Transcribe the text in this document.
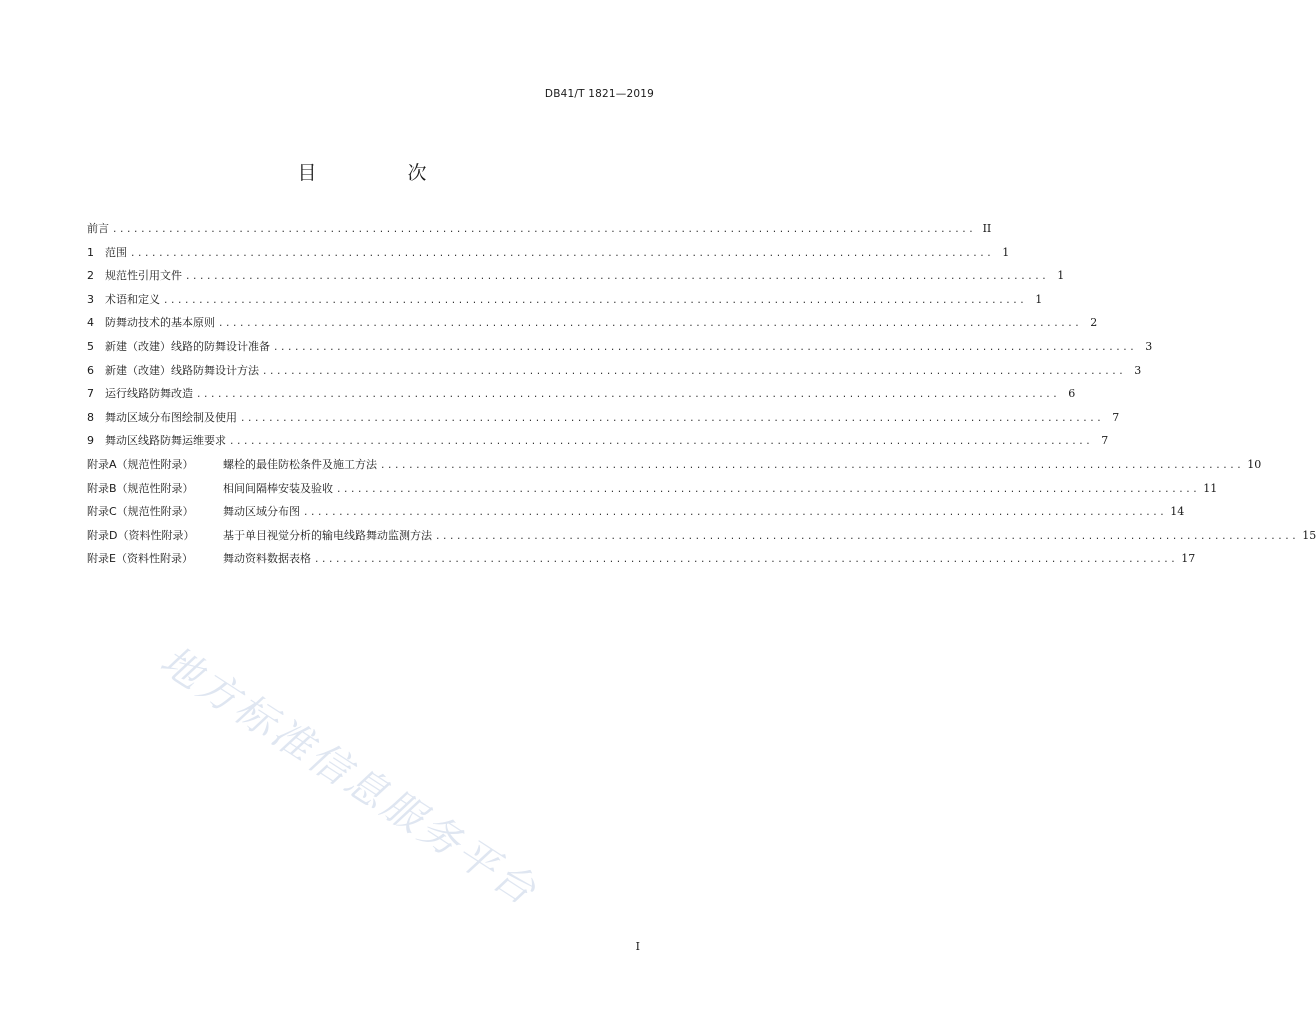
DB41/T 1821—2019
目　次
前言 ........................................................................................................................... II
1	范围 ........................................................................................................................... 1
2	规范性引用文件 ........................................................................................................................... 1
3	术语和定义 ........................................................................................................................... 1
4	防舞动技术的基本原则 ........................................................................................................................... 2
5	新建（改建）线路的防舞设计准备 ........................................................................................................................... 3
6	新建（改建）线路防舞设计方法 ........................................................................................................................... 3
7	运行线路防舞改造 ........................................................................................................................... 6
8	舞动区域分布图绘制及使用 ........................................................................................................................... 7
9	舞动区线路防舞运维要求 ........................................................................................................................... 7
附录A（规范性附录）	螺栓的最佳防松条件及施工方法 ........................................................................................................................... 10
附录B（规范性附录）	相间间隔棒安装及验收 ........................................................................................................................... 11
附录C（规范性附录）	舞动区域分布图 ........................................................................................................................... 14
附录D（资料性附录）	基于单目视觉分析的输电线路舞动监测方法 ........................................................................................................................... 15
附录E（资料性附录）	舞动资料数据表格 ........................................................................................................................... 17
地方标准信息服务平台
I
